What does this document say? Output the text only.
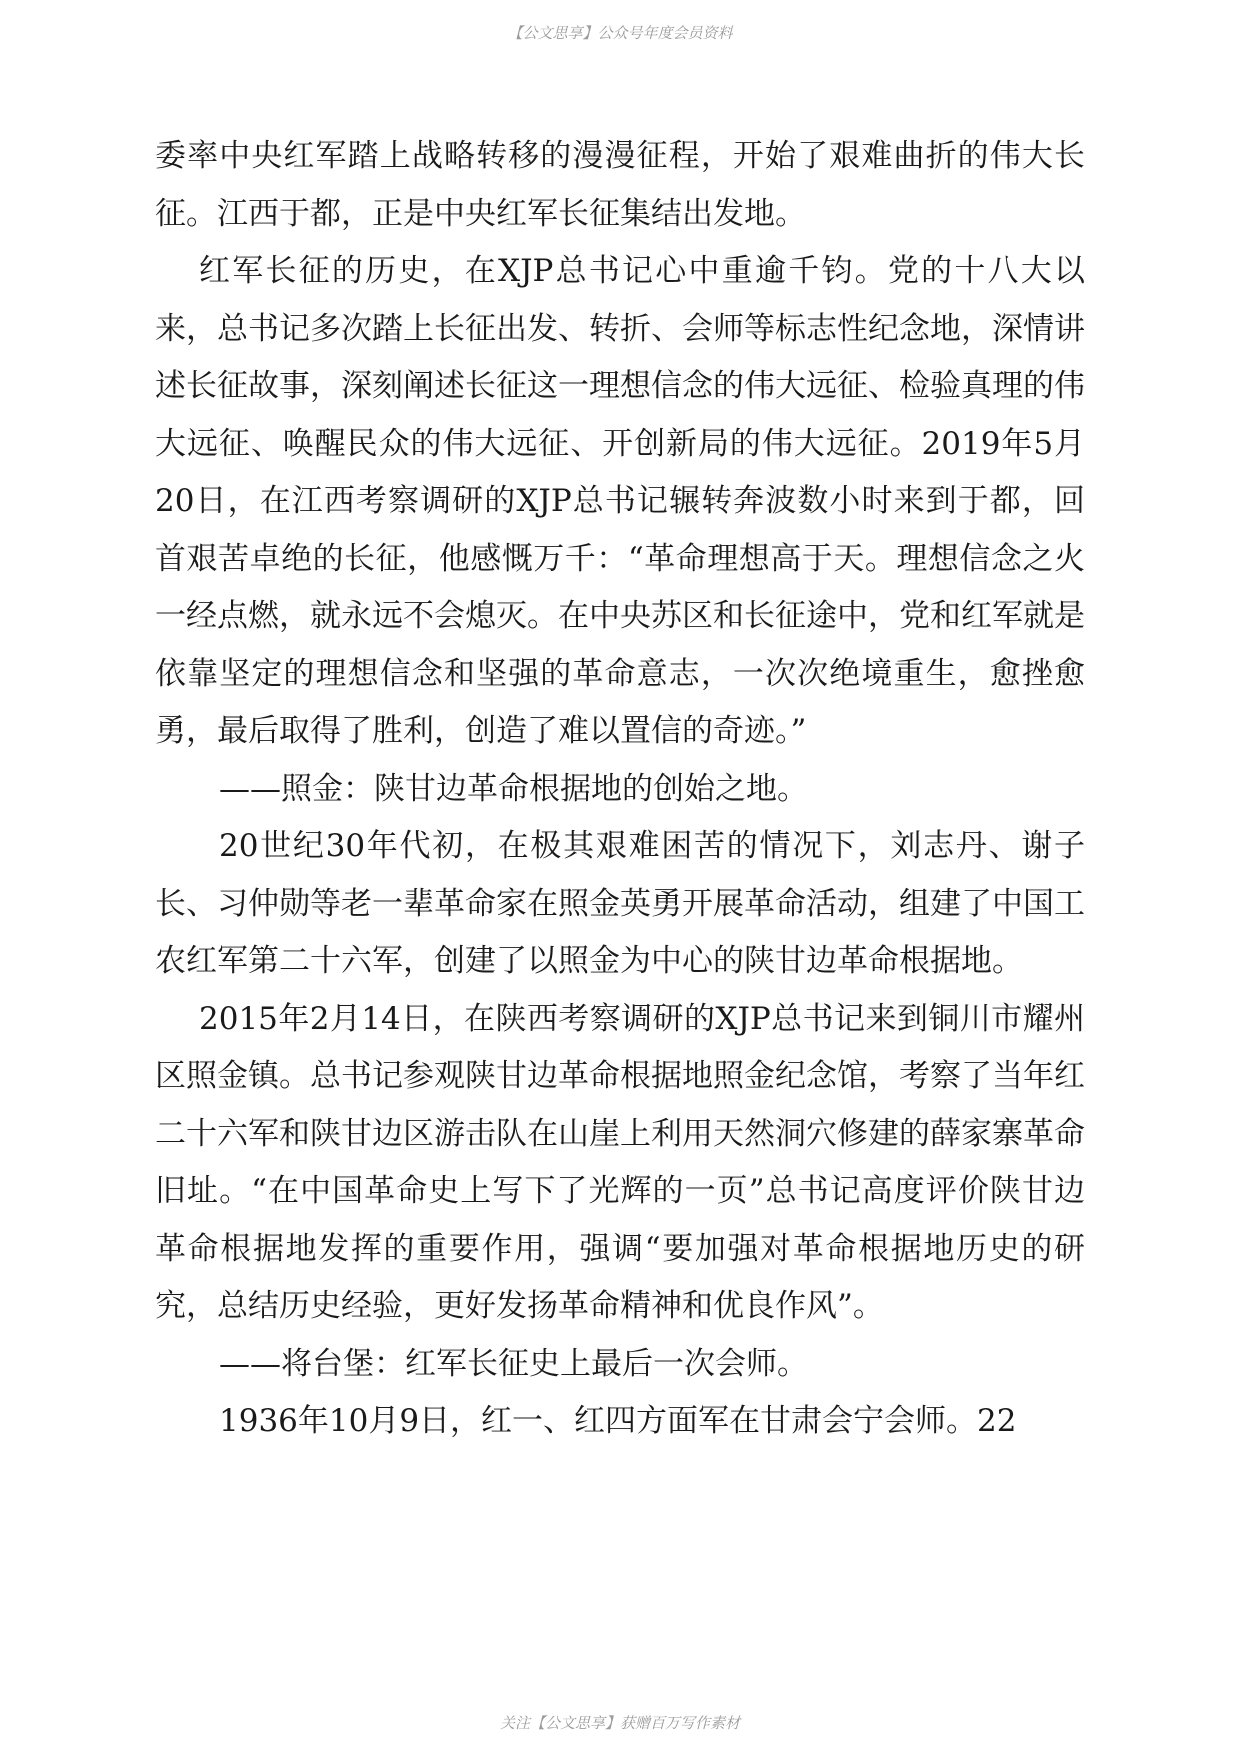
【公文思享】公众号年度会员资料

委率中央红军踏上战略转移的漫漫征程，开始了艰难曲折的伟大长征。江西于都，正是中央红军长征集结出发地。

红军长征的历史，在XJP总书记心中重逾千钧。党的十八大以来，总书记多次踏上长征出发、转折、会师等标志性纪念地，深情讲述长征故事，深刻阐述长征这一理想信念的伟大远征、检验真理的伟大远征、唤醒民众的伟大远征、开创新局的伟大远征。2019年5月20日，在江西考察调研的XJP总书记辗转奔波数小时来到于都，回首艰苦卓绝的长征，他感慨万千：“革命理想高于天。理想信念之火一经点燃，就永远不会熄灭。在中央苏区和长征途中，党和红军就是依靠坚定的理想信念和坚强的革命意志，一次次绝境重生，愈挫愈勇，最后取得了胜利，创造了难以置信的奇迹。”

——照金：陕甘边革命根据地的创始之地。

20世纪30年代初，在极其艰难困苦的情况下，刘志丹、谢子长、习仲勋等老一辈革命家在照金英勇开展革命活动，组建了中国工农红军第二十六军，创建了以照金为中心的陕甘边革命根据地。

2015年2月14日，在陕西考察调研的XJP总书记来到铜川市耀州区照金镇。总书记参观陕甘边革命根据地照金纪念馆，考察了当年红二十六军和陕甘边区游击队在山崖上利用天然洞穴修建的薛家寨革命旧址。“在中国革命史上写下了光辉的一页”总书记高度评价陕甘边革命根据地发挥的重要作用，强调“要加强对革命根据地历史的研究，总结历史经验，更好发扬革命精神和优良作风”。

——将台堡：红军长征史上最后一次会师。

1936年10月9日，红一、红四方面军在甘肃会宁会师。22

关注【公文思享】获赠百万写作素材
